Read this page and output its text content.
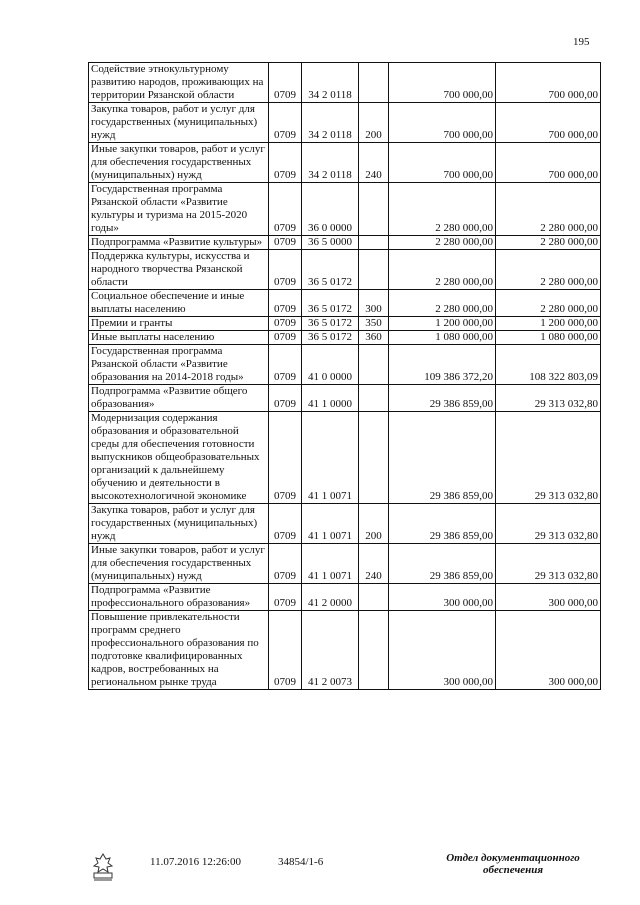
195
Содействие этнокультурному развитию народов, проживающих на территории Рязанской области	0709	34 2 0118		700 000,00	700 000,00
Закупка товаров, работ и услуг для государственных (муниципальных) нужд	0709	34 2 0118	200	700 000,00	700 000,00
Иные закупки товаров, работ и услуг для обеспечения государственных (муниципальных) нужд	0709	34 2 0118	240	700 000,00	700 000,00
Государственная программа Рязанской области «Развитие культуры и туризма на 2015-2020 годы»	0709	36 0 0000		2 280 000,00	2 280 000,00
Подпрограмма «Развитие культуры»	0709	36 5 0000		2 280 000,00	2 280 000,00
Поддержка культуры, искусства и народного творчества Рязанской области	0709	36 5 0172		2 280 000,00	2 280 000,00
Социальное обеспечение и иные выплаты населению	0709	36 5 0172	300	2 280 000,00	2 280 000,00
Премии и гранты	0709	36 5 0172	350	1 200 000,00	1 200 000,00
Иные выплаты населению	0709	36 5 0172	360	1 080 000,00	1 080 000,00
Государственная программа Рязанской области «Развитие образования на 2014-2018 годы»	0709	41 0 0000		109 386 372,20	108 322 803,09
Подпрограмма «Развитие общего образования»	0709	41 1 0000		29 386 859,00	29 313 032,80
Модернизация содержания образования и образовательной среды для обеспечения готовности выпускников общеобразовательных организаций к дальнейшему обучению и деятельности в высокотехнологичной экономике	0709	41 1 0071		29 386 859,00	29 313 032,80
Закупка товаров, работ и услуг для государственных (муниципальных) нужд	0709	41 1 0071	200	29 386 859,00	29 313 032,80
Иные закупки товаров, работ и услуг для обеспечения государственных (муниципальных) нужд	0709	41 1 0071	240	29 386 859,00	29 313 032,80
Подпрограмма «Развитие профессионального образования»	0709	41 2 0000		300 000,00	300 000,00
Повышение привлекательности программ среднего профессионального образования по подготовке квалифицированных кадров, востребованных на региональном рынке труда	0709	41 2 0073		300 000,00	300 000,00
11.07.2016 12:26:00	34854/1-6	Отдел документационного обеспечения
